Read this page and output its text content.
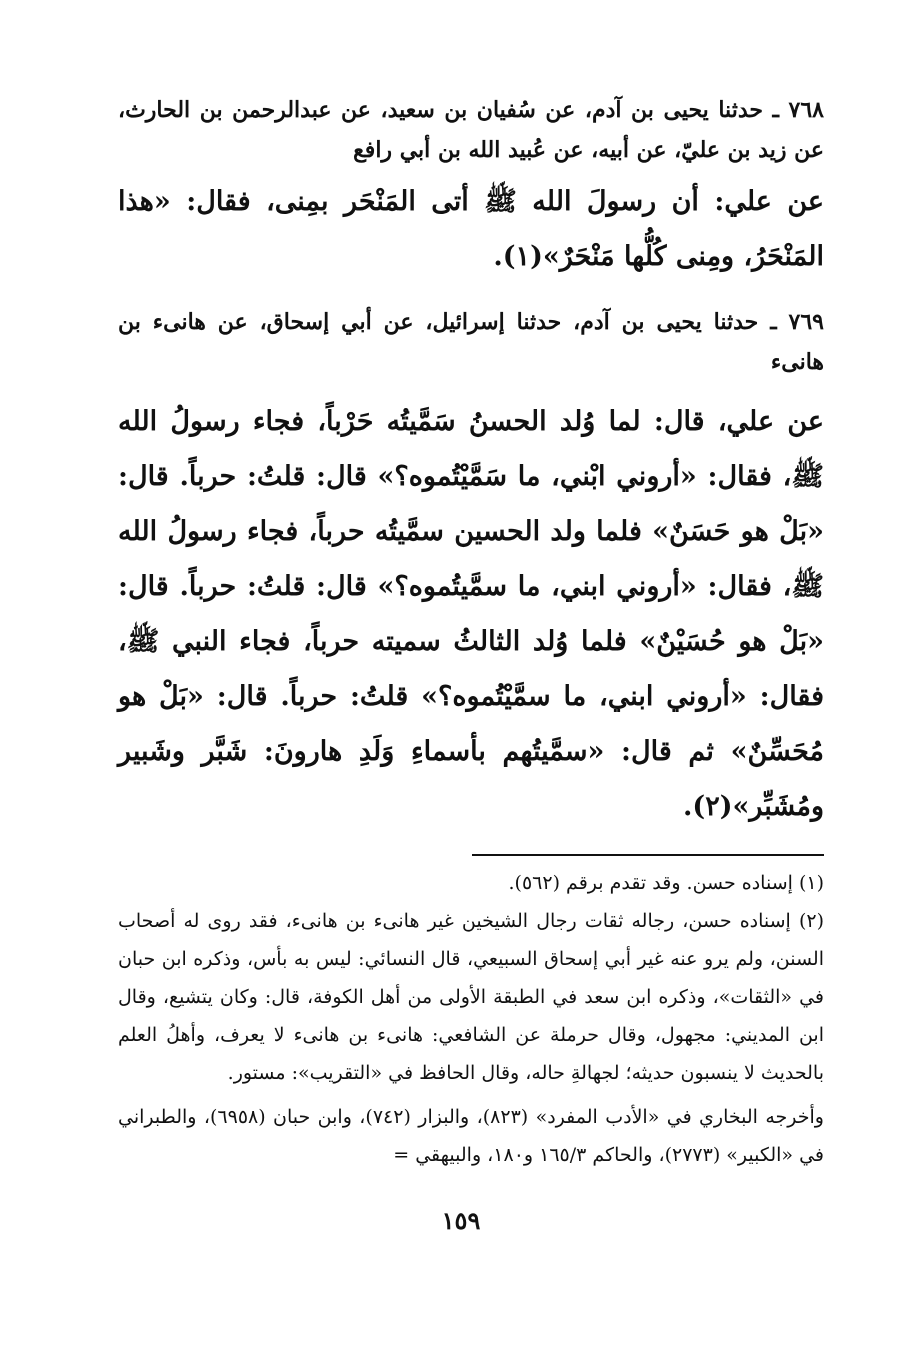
٧٦٨ ـ حدثنا يحيى بن آدم، عن سُفيان بن سعيد، عن عبدالرحمن بن الحارث، عن زيد بن عليّ، عن أبيه، عن عُبيد الله بن أبي رافع

عن علي: أن رسولَ الله ﷺ أتى المَنْحَر بمِنى، فقال: «هذا المَنْحَرُ، ومِنى كُلُّها مَنْحَرٌ»(١).

٧٦٩ ـ حدثنا يحيى بن آدم، حدثنا إسرائيل، عن أبي إسحاق، عن هانىء بن هانىء

عن علي، قال: لما وُلد الحسنُ سَمَّيتُه حَرْباً، فجاء رسولُ الله ﷺ، فقال: «أروني ابْني، ما سَمَّيْتُموه؟» قال: قلتُ: حرباً. قال: «بَلْ هو حَسَنٌ» فلما ولد الحسين سمَّيتُه حرباً، فجاء رسولُ الله ﷺ، فقال: «أروني ابني، ما سمَّيتُموه؟» قال: قلتُ: حرباً. قال: «بَلْ هو حُسَيْنٌ» فلما وُلد الثالثُ سميته حرباً، فجاء النبي ﷺ، فقال: «أروني ابني، ما سمَّيْتُموه؟» قلتُ: حرباً. قال: «بَلْ هو مُحَسِّنٌ» ثم قال: «سمَّيتُهم بأسماءِ وَلَدِ هارونَ: شَبَّر وشَبير ومُشَبِّر»(٢).

(١) إسناده حسن. وقد تقدم برقم (٥٦٢).

(٢) إسناده حسن، رجاله ثقات رجال الشيخين غير هانىء بن هانىء، فقد روى له أصحاب السنن، ولم يرو عنه غير أبي إسحاق السبيعي، قال النسائي: ليس به بأس، وذكره ابن حبان في «الثقات»، وذكره ابن سعد في الطبقة الأولى من أهل الكوفة، قال: وكان يتشيع، وقال ابن المديني: مجهول، وقال حرملة عن الشافعي: هانىء بن هانىء لا يعرف، وأهلُ العلم بالحديث لا ينسبون حديثه؛ لجهالةِ حاله، وقال الحافظ في «التقريب»: مستور.

وأخرجه البخاري في «الأدب المفرد» (٨٢٣)، والبزار (٧٤٢)، وابن حبان (٦٩٥٨)، والطبراني في «الكبير» (٢٧٧٣)، والحاكم ١٦٥/٣ و١٨٠، والبيهقي =

١٥٩
